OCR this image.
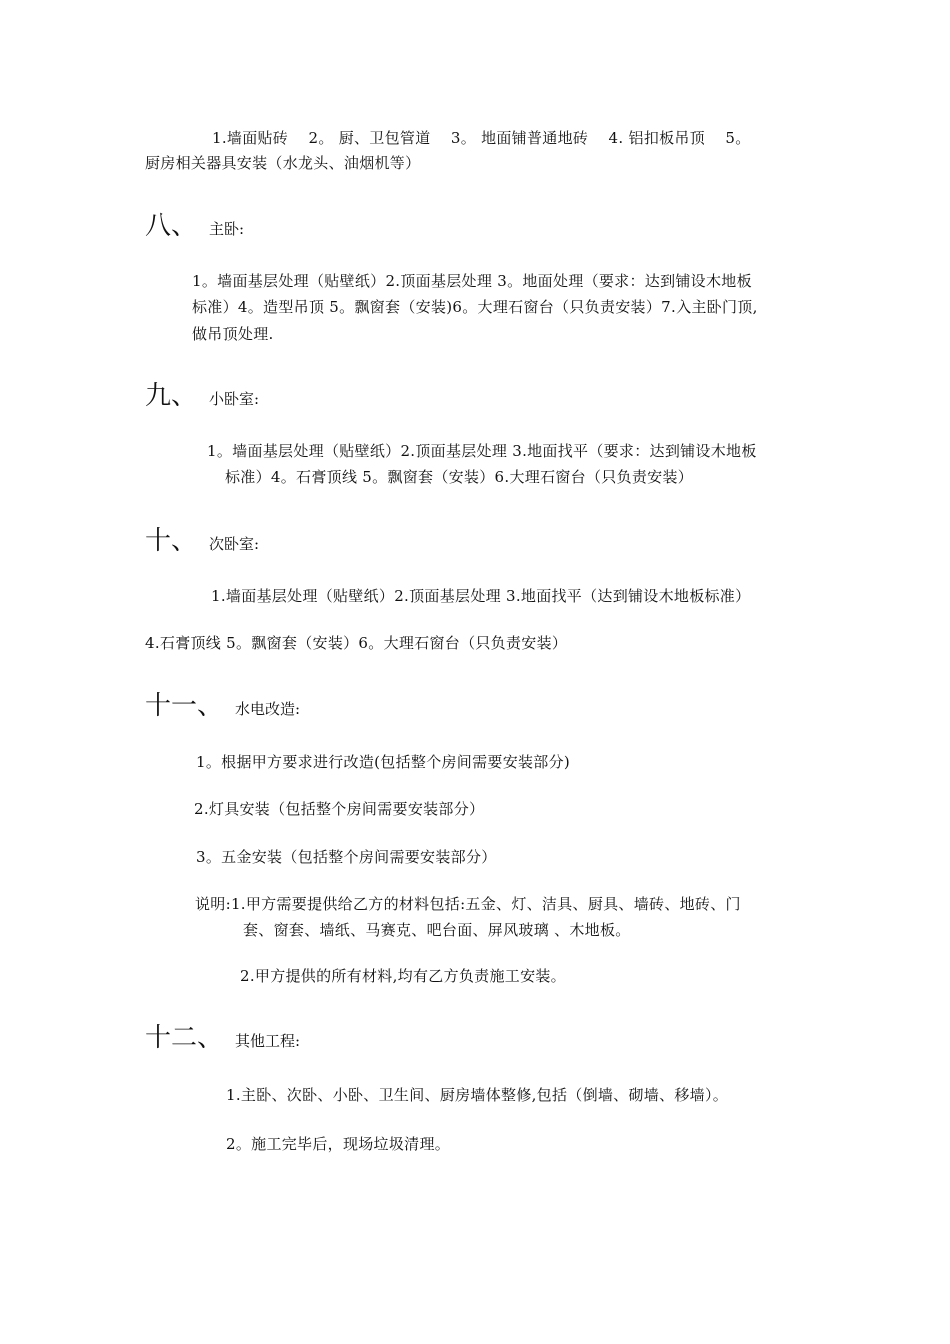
1.墙面贴砖 　2。 厨、卫包管道 　3。 地面铺普通地砖 　4. 铝扣板吊顶 　5。
厨房相关器具安装（水龙头、油烟机等）
八、 主卧:
1。墙面基层处理（贴壁纸）2.顶面基层处理 3。地面处理（要求：达到铺设木地板
标准）4。造型吊顶 5。飘窗套（安装)6。大理石窗台（只负责安装）7.入主卧门顶,
做吊顶处理.
九、 小卧室:
1。墙面基层处理（贴壁纸）2.顶面基层处理 3.地面找平（要求：达到铺设木地板
标准）4。石膏顶线 5。飘窗套（安装）6.大理石窗台（只负责安装）
十、 次卧室:
1.墙面基层处理（贴壁纸）2.顶面基层处理 3.地面找平（达到铺设木地板标准）
4.石膏顶线 5。飘窗套（安装）6。大理石窗台（只负责安装）
十一、 水电改造:
1。根据甲方要求进行改造(包括整个房间需要安装部分)
2.灯具安装（包括整个房间需要安装部分）
3。五金安装（包括整个房间需要安装部分）
说明:1.甲方需要提供给乙方的材料包括:五金、灯、洁具、厨具、墙砖、地砖、门
套、窗套、墙纸、马赛克、吧台面、屏风玻璃 、木地板。
2.甲方提供的所有材料,均有乙方负责施工安装。
十二、 其他工程:
1.主卧、次卧、小卧、卫生间、厨房墙体整修,包括（倒墙、砌墙、移墙）。
2。施工完毕后，现场垃圾清理。
